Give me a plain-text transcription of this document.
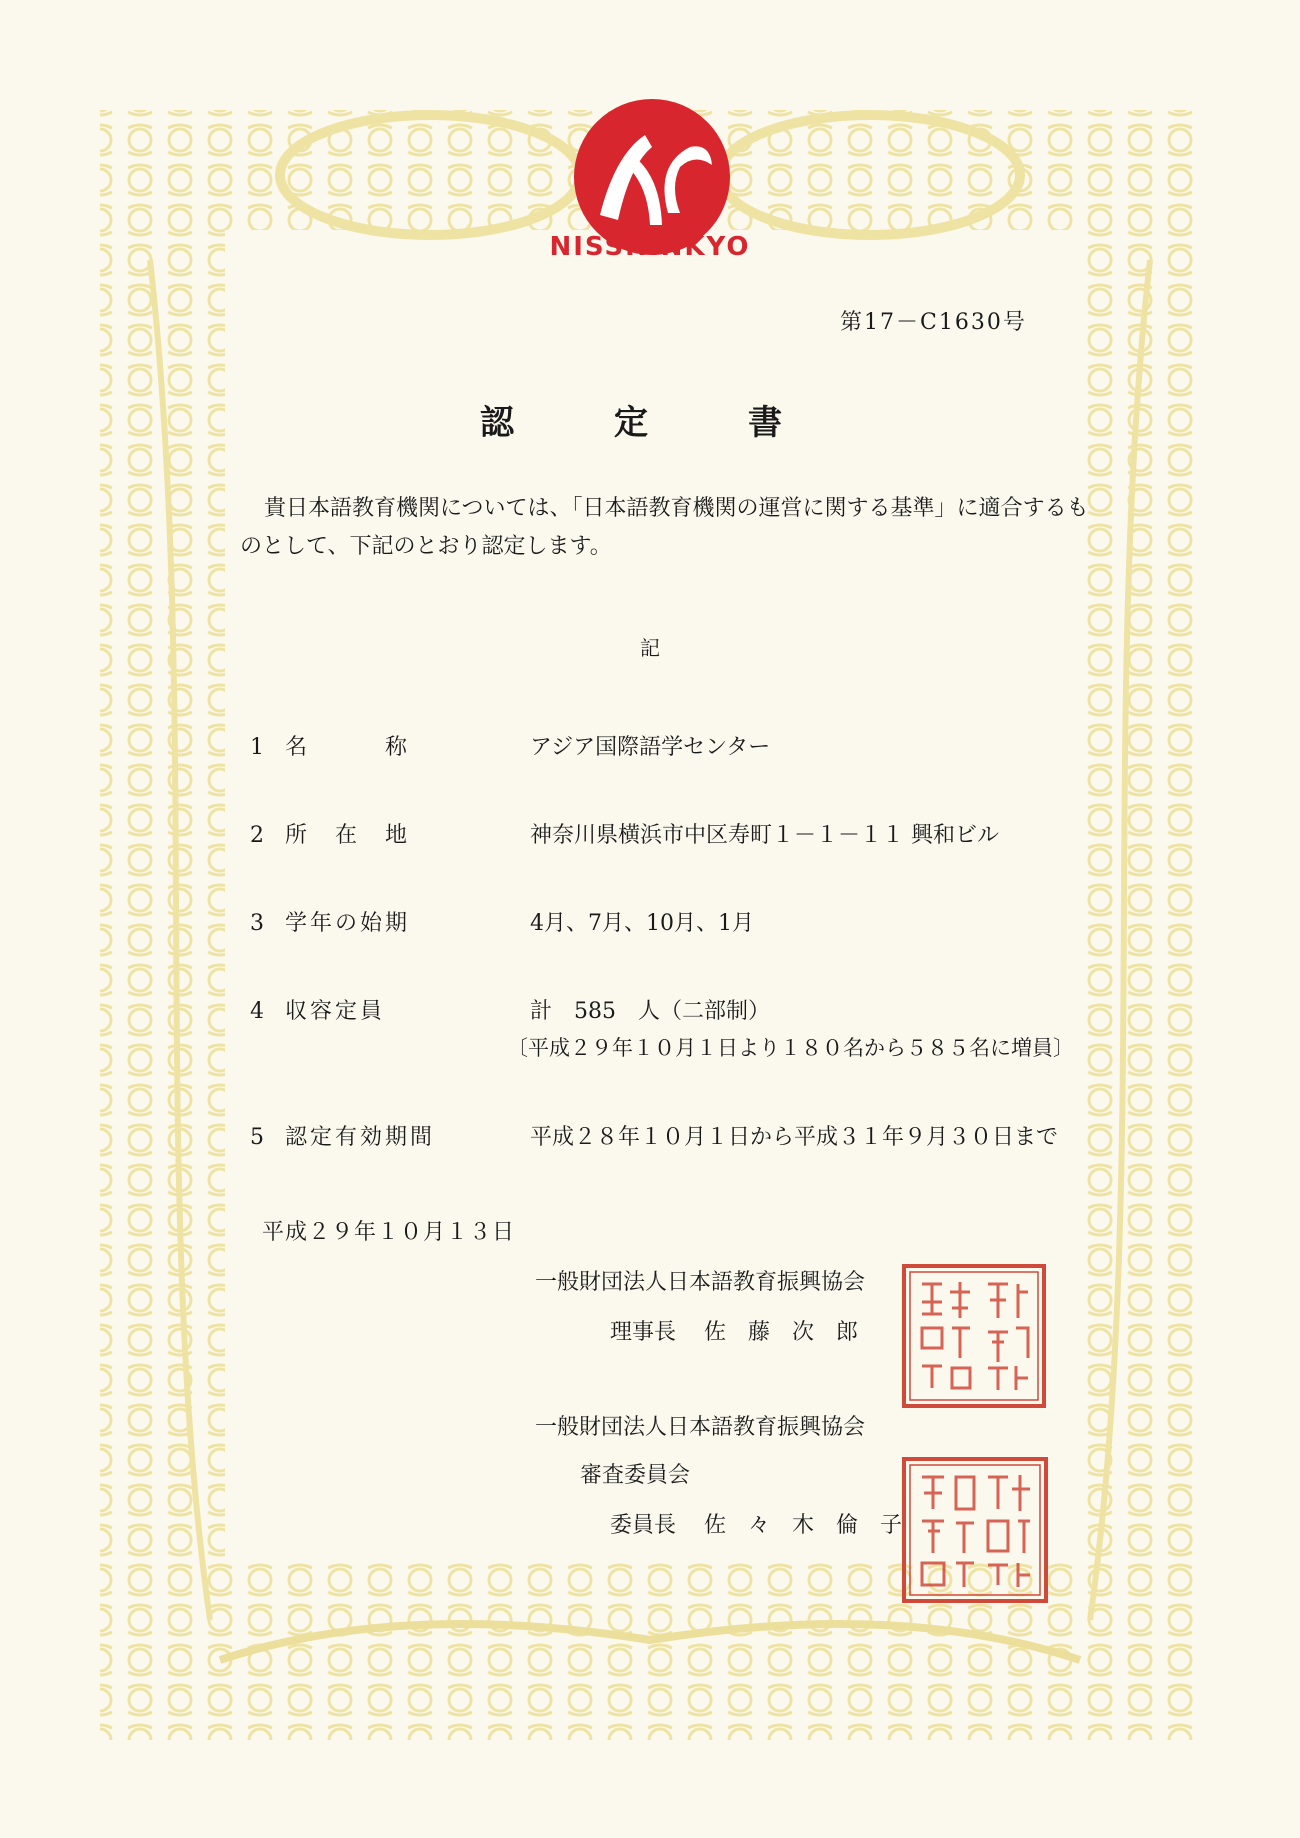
NISSHINKYO
第17－C1630号
認定書
貴日本語教育機関については、「日本語教育機関の運営に関する基準」に適合するものとして、下記のとおり認定します。
記
1 名　　　称	アジア国際語学センター
2 所　在　地	神奈川県横浜市中区寿町１－１－１１ 興和ビル
3 学年の始期	4月、7月、10月、1月
4 収容定員	計　585　人（二部制）
〔平成２９年１０月１日より１８０名から５８５名に増員〕
5 認定有効期間	平成２８年１０月１日から平成３１年９月３０日まで
平成２９年１０月１３日
一般財団法人日本語教育振興協会
理事長 佐藤次郎
一般財団法人日本語教育振興協会
審査委員会
委員長 佐々木倫子
